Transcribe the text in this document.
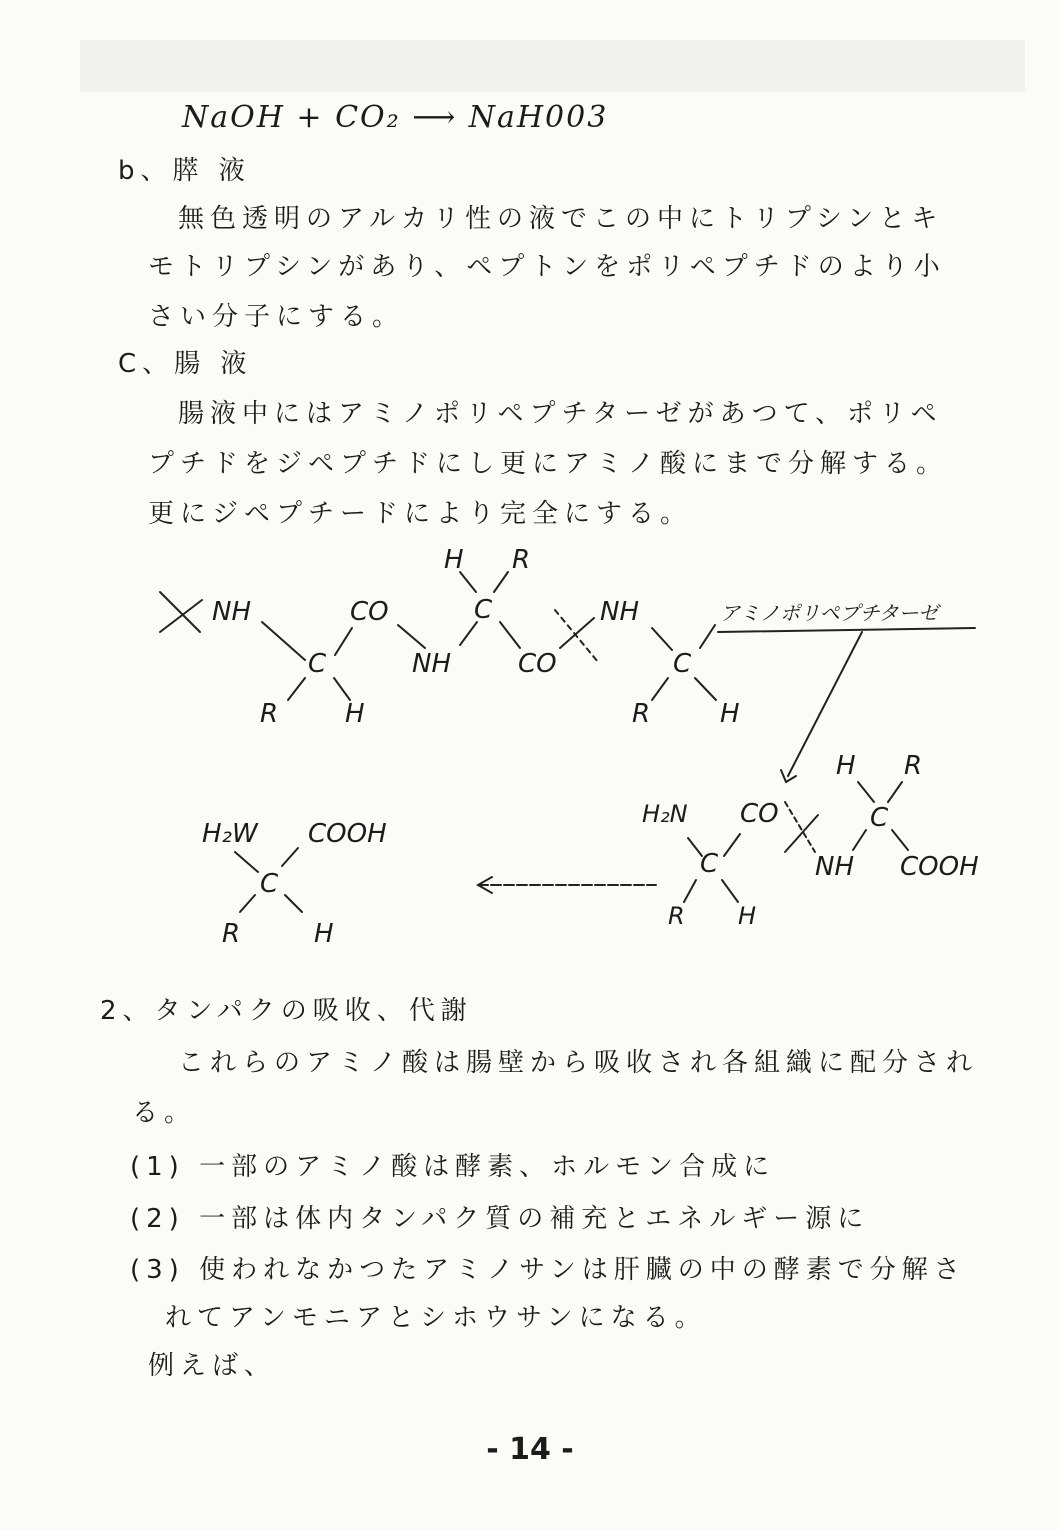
NaOH + CO₂ ⟶ NaH003
b、膵 液
無色透明のアルカリ性の液でこの中にトリプシンとキ
モトリプシンがあり、ペプトンをポリペプチドのより小
さい分子にする。
C、腸 液
腸液中にはアミノポリペプチターゼがあつて、ポリペ
プチドをジペプチドにし更にアミノ酸にまで分解する。
更にジペプチードにより完全にする。
NH	CO
C
R	H
NH
C
H R
CO
NH
C
R	H
アミノポリペプチターゼ
H₂N CO
C
R H
NH
C
H R
COOH
H₂W COOH
C
R	H
2、タンパクの吸收、代謝
これらのアミノ酸は腸壁から吸收され各組織に配分され
る。
(1) 一部のアミノ酸は酵素、ホルモン合成に
(2) 一部は体内タンパク質の補充とエネルギー源に
(3) 使われなかつたアミノサンは肝臓の中の酵素で分解さ
れてアンモニアとシホウサンになる。
例えば、
- 14 -
